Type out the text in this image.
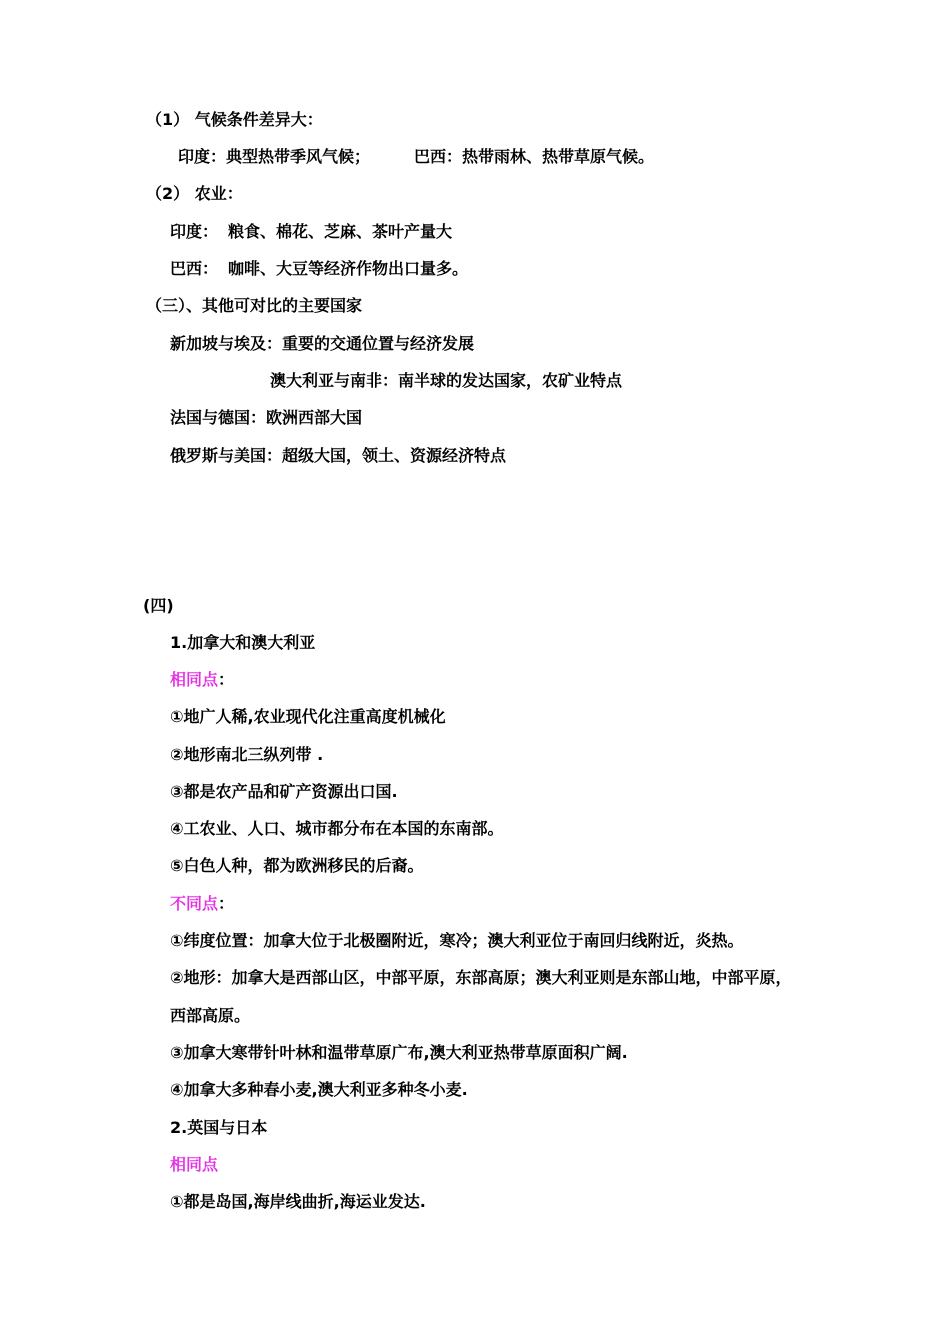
（1） 气候条件差异大：
印度：典型热带季风气候；	巴西：热带雨林、热带草原气候。
（2） 农业：
印度： 粮食、棉花、芝麻、茶叶产量大
巴西： 咖啡、大豆等经济作物出口量多。
（三）、其他可对比的主要国家
新加坡与埃及：重要的交通位置与经济发展
澳大利亚与南非：南半球的发达国家，农矿业特点
法国与德国：欧洲西部大国
俄罗斯与美国：超级大国，领土、资源经济特点
(四)
1.加拿大和澳大利亚
相同点：
①地广人稀,农业现代化注重高度机械化
②地形南北三纵列带 .
③都是农产品和矿产资源出口国.
④工农业、人口、城市都分布在本国的东南部。
⑤白色人种，都为欧洲移民的后裔。
不同点：
①纬度位置：加拿大位于北极圈附近，寒冷；澳大利亚位于南回归线附近，炎热。
②地形：加拿大是西部山区，中部平原，东部高原；澳大利亚则是东部山地，中部平原，
西部高原。
③加拿大寒带针叶林和温带草原广布,澳大利亚热带草原面积广阔.
④加拿大多种春小麦,澳大利亚多种冬小麦.
2.英国与日本
相同点
①都是岛国,海岸线曲折,海运业发达.
